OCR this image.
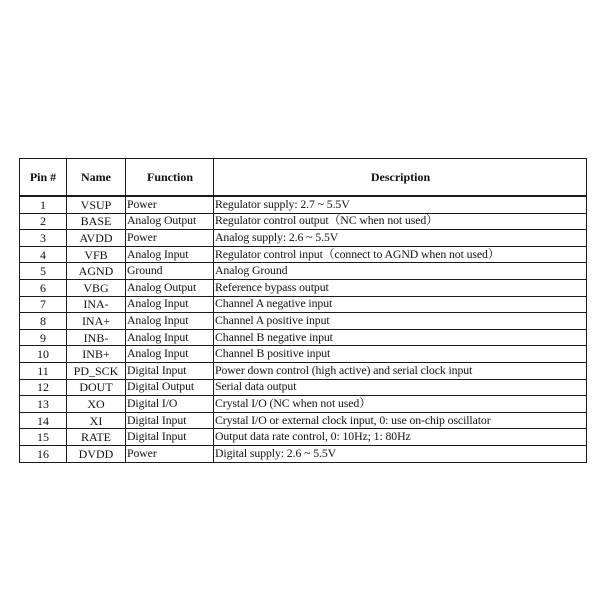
Pin #	Name	Function	Description
1	VSUP	Power	Regulator supply: 2.7 ~ 5.5V
2	BASE	Analog Output	Regulator control output（NC when not used）
3	AVDD	Power	Analog supply: 2.6 ~ 5.5V
4	VFB	Analog Input	Regulator control input（connect to AGND when not used）
5	AGND	Ground	Analog Ground
6	VBG	Analog Output	Reference bypass output
7	INA-	Analog Input	Channel A negative input
8	INA+	Analog Input	Channel A positive input
9	INB-	Analog Input	Channel B negative input
10	INB+	Analog Input	Channel B positive input
11	PD_SCK	Digital Input	Power down control (high active) and serial clock input
12	DOUT	Digital Output	Serial data output
13	XO	Digital I/O	Crystal I/O (NC when not used）
14	XI	Digital Input	Crystal I/O or external clock input, 0: use on-chip oscillator
15	RATE	Digital Input	Output data rate control, 0: 10Hz; 1: 80Hz
16	DVDD	Power	Digital supply: 2.6 ~ 5.5V
